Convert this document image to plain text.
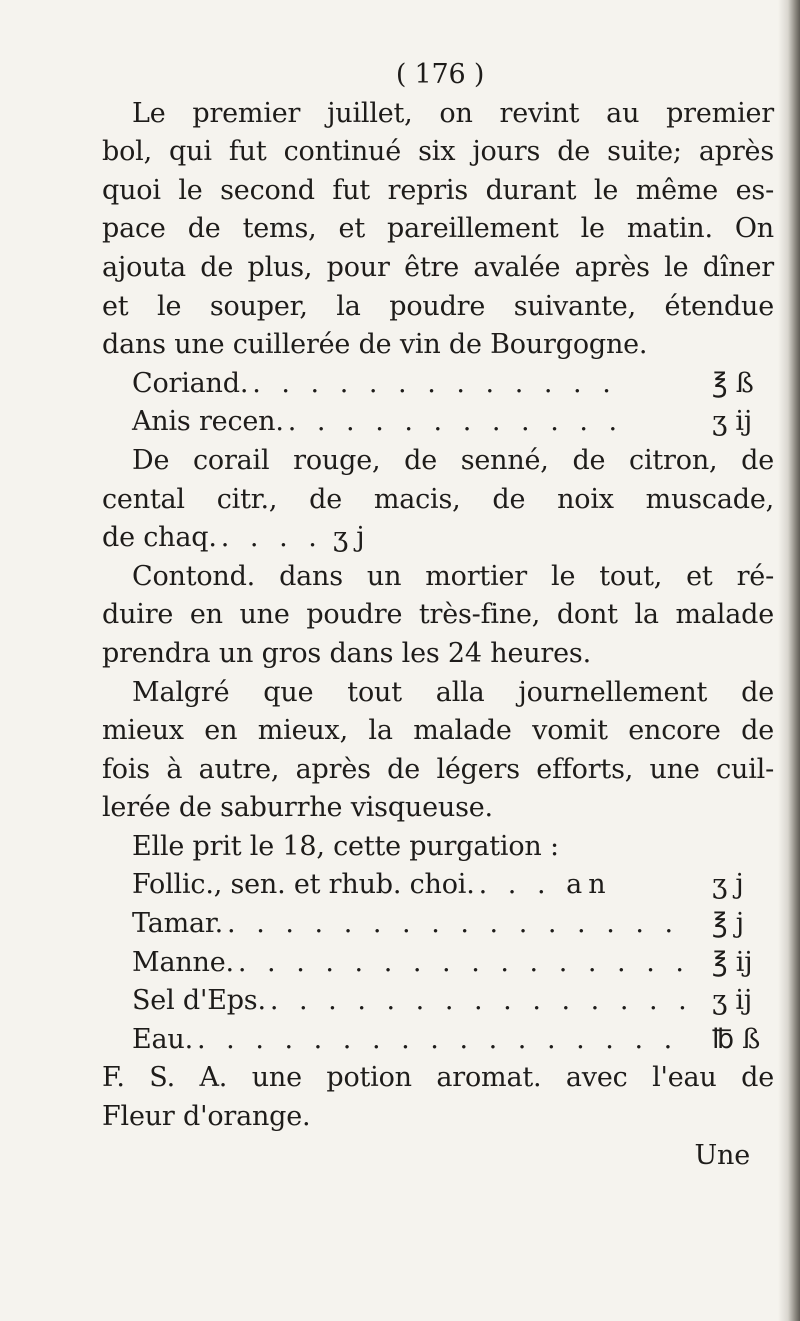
( 176 )
Le premier juillet, on revint au premier
bol, qui fut continué six jours de suite; après
quoi le second fut repris durant le même es-
pace de tems, et pareillement le matin. On
ajouta de plus, pour être avalée après le dîner
et le souper, la poudre suivante, étendue
dans une cuillerée de vin de Bourgogne.
Coriand. . . . . . . . . . . . . .	℥ ß
Anis recen. . . . . . . . . . . . .	ʒ ij
De corail rouge, de senné, de citron, de
cental citr., de macis, de noix muscade,
de chaq. . . . . ʒ j
Contond. dans un mortier le tout, et ré-
duire en une poudre très-fine, dont la malade
prendra un gros dans les 24 heures.
Malgré que tout alla journellement de
mieux en mieux, la malade vomit encore de
fois à autre, après de légers efforts, une cuil-
lerée de saburrhe visqueuse.
Elle prit le 18, cette purgation :
Follic., sen. et rhub. choi. . . . an	ʒ j
Tamar. . . . . . . . . . . . . . . . .	℥ j
Manne. . . . . . . . . . . . . . . . . ℥ ij
Sel d'Eps. . . . . . . . . . . . . . . . ʒ ij
Eau. . . . . . . . . . . . . . . . . .	℔ ß
F. S. A. une potion aromat. avec l'eau de
Fleur d'orange.
Une
